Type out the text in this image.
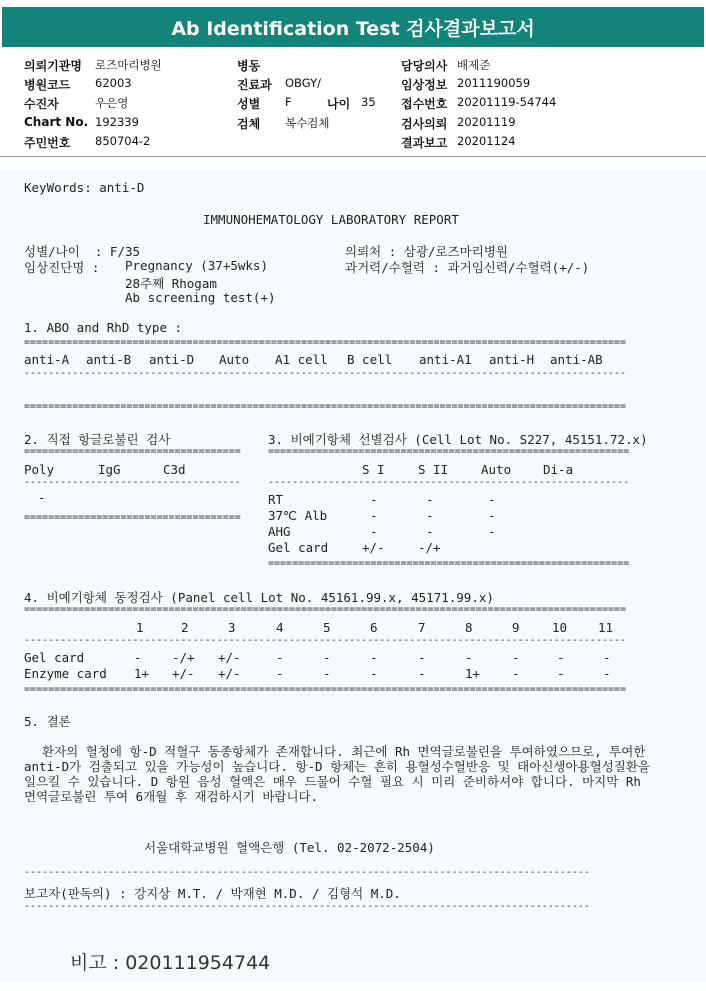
Ab Identification Test 검사결과보고서
의뢰기관명 로즈마리병원
병원코드 62003
수진자	우은영
Chart No. 192339
주민번호 850704-2
병동
진료과 OBGY/
성별 F	나이 35
검체 복수검체
담당의사 배제준
임상정보 2011190059
접수번호 20201119-54744
검사의뢰 20201119
결과보고 20201124
KeyWords: anti-D
IMMUNOHEMATOLOGY LABORATORY REPORT
성별/나이  : F/35
임상진단명 : Pregnancy (37+5wks)
28주째 Rhogam
Ab screening test(+)
의뢰처 : 삼광/로즈마리병원
과거력/수혈력 : 과거임신력/수혈력(+/-)
1. ABO and RhD type :
====================================================================================================
anti-A anti-B anti-D Auto A1 cell B cell anti-A1 anti-H anti-AB
----------------------------------------------------------------------------------------------------
====================================================================================================
2. 직접 항글로불린 검사
====================================
Poly	IgG	C3d
------------------------------------
-
====================================
3. 비예기항체 선별검사 (Cell Lot No. S227, 45151.72.x)
============================================================
S I	S II	Auto	Di-a
------------------------------------------------------------
RT	-	-	-
37℃ Alb	-	-	-
AHG	-	-	-
Gel card	+/-	-/+
============================================================
4. 비예기항체 동정검사 (Panel cell Lot No. 45161.99.x, 45171.99.x)
====================================================================================================
1	2	3	4	5	6	7	8	9	10 11
----------------------------------------------------------------------------------------------------
Gel card	- -/+ +/-	-	-	-	-	-	-	-	-
Enzyme card 1+ +/- +/-	-	-	-	-	1+	-	-	-
====================================================================================================
5. 결론
환자의 혈청에 항-D 적혈구 동종항체가 존재합니다. 최근에 Rh 면역글로불린을 투여하였으므로, 투여한 anti-D가 검출되고 있을 가능성이 높습니다. 항-D 항체는 흔히 용혈성수혈반응 및 태아신생아용혈성질환을 일으킬 수 있습니다. D 항원 음성 혈액은 매우 드물어 수혈 필요 시 미리 준비하셔야 합니다. 마지막 Rh 면역글로불린 투여 6개월 후 재검하시기 바랍니다.
서울대학교병원 혈액은행 (Tel. 02-2072-2504)
----------------------------------------------------------------------------------------------
보고자(판독의) : 강지상 M.T. / 박재현 M.D. / 김형석 M.D.
----------------------------------------------------------------------------------------------
비고 : 020111954744
